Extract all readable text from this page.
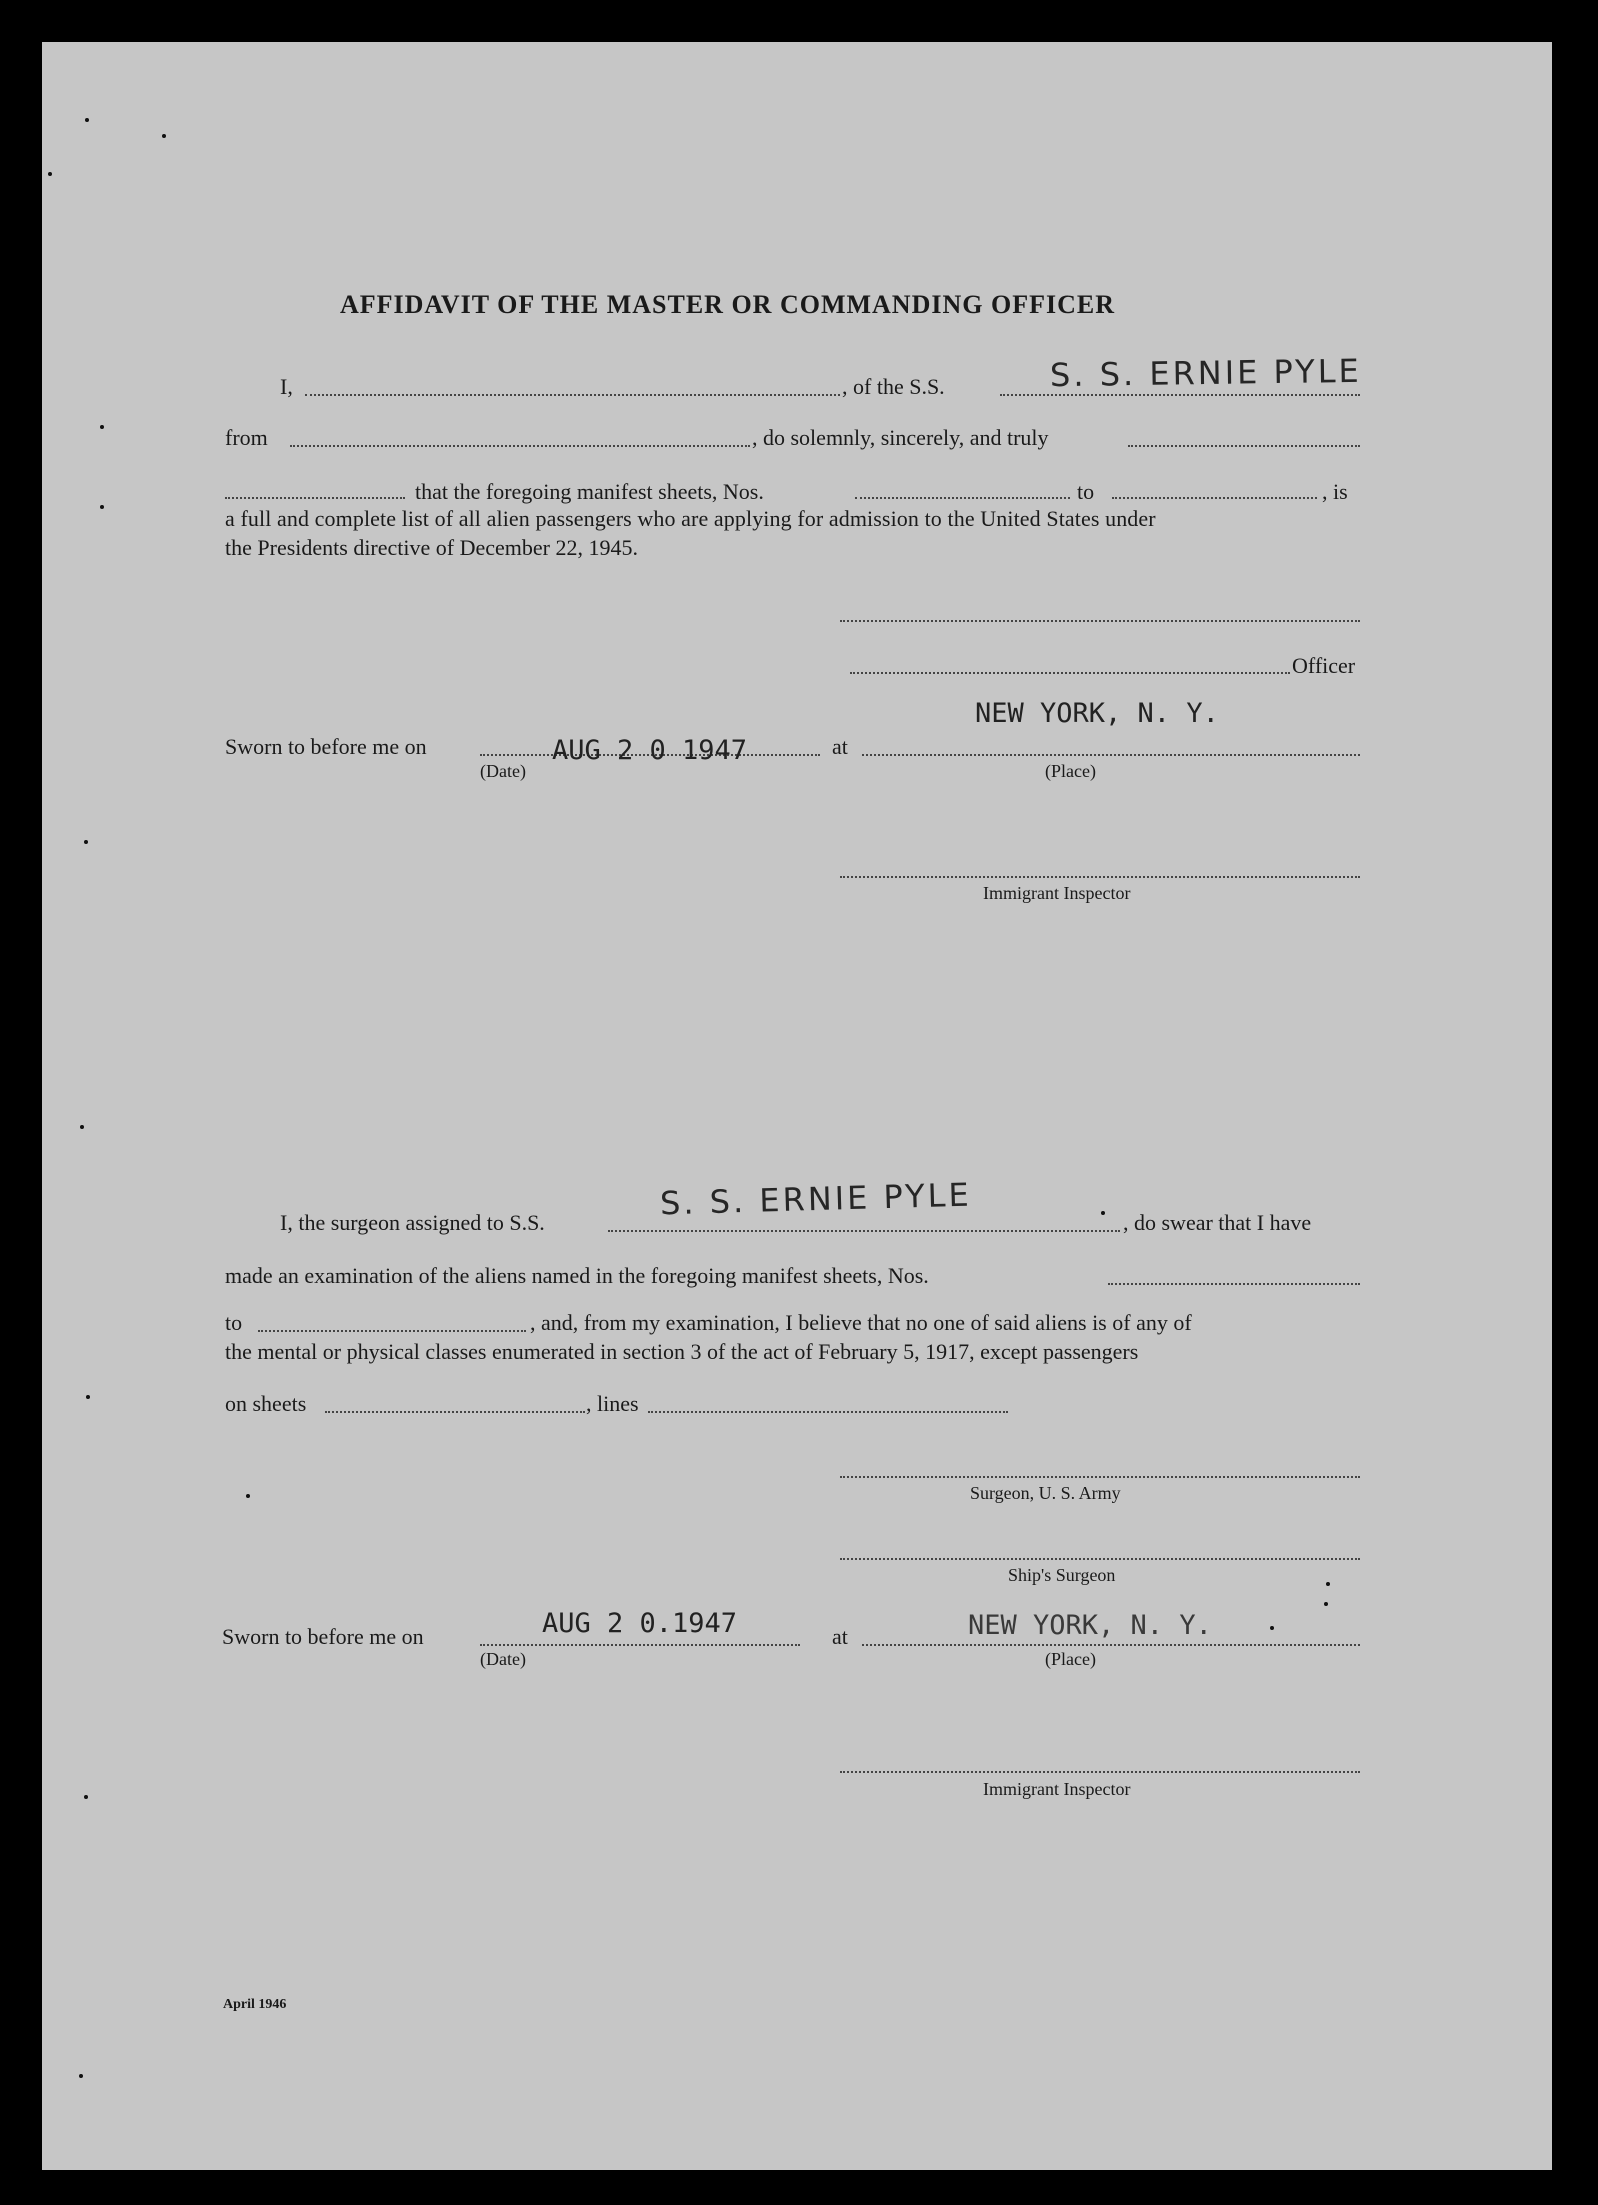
AFFIDAVIT OF THE MASTER OR COMMANDING OFFICER
I,	, of the S.S.	S. S. ERNIE PYLE
from	, do solemnly, sincerely, and truly
that the foregoing manifest sheets, Nos.	to	, is
a full and complete list of all alien passengers who are applying for admission to the United States under
the Presidents directive of December 22, 1945.
Officer
Sworn to before me on	AUG 2 0 1947
(Date)
at
NEW YORK, N. Y.
(Place)
Immigrant Inspector
I, the surgeon assigned to S.S.
S. S. ERNIE PYLE
, do swear that I have
made an examination of the aliens named in the foregoing manifest sheets, Nos.
to	, and, from my examination, I believe that no one of said aliens is of any of
the mental or physical classes enumerated in section 3 of the act of February 5, 1917, except passengers
on sheets	, lines
Surgeon, U. S. Army
Ship's Surgeon
Sworn to before me on	AUG 2 0.1947
(Date)
at	NEW YORK, N. Y.
(Place)
Immigrant Inspector
April 1946
